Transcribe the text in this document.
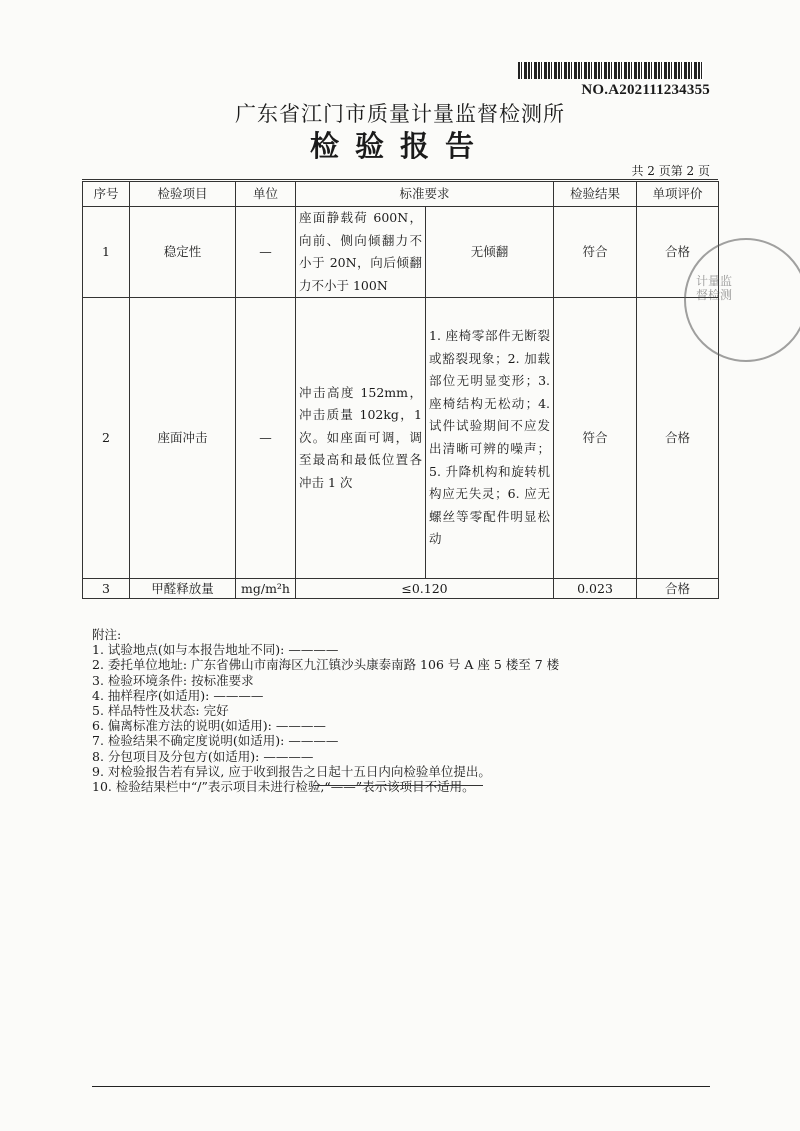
NO.A202111234355
广东省江门市质量计量监督检测所
检验报告
共 2 页第 2 页
序号	检验项目	单位	标准要求		检验结果	单项评价
1	稳定性	—	座面静载荷 600N，向前、侧向倾翻力不小于 20N，向后倾翻力不小于 100N	无倾翻	符合	合格
2	座面冲击	—	冲击高度 152mm，冲击质量 102kg，1次。如座面可调，调至最高和最低位置各冲击 1 次	1. 座椅零部件无断裂或豁裂现象；2. 加载部位无明显变形；3. 座椅结构无松动；4. 试件试验期间不应发出清晰可辨的噪声；5. 升降机构和旋转机构应无失灵；6. 应无螺丝等零配件明显松动	符合	合格
3	甲醛释放量	mg/m²h	≤0.120		0.023	合格
附注:
1. 试验地点(如与本报告地址不同): ————
2. 委托单位地址: 广东省佛山市南海区九江镇沙头康泰南路 106 号 A 座 5 楼至 7 楼
3. 检验环境条件: 按标准要求
4. 抽样程序(如适用): ————
5. 样品特性及状态: 完好
6. 偏离标准方法的说明(如适用): ————
7. 检验结果不确定度说明(如适用): ————
8. 分包项目及分包方(如适用): ————
9. 对检验报告若有异议, 应于收到报告之日起十五日内向检验单位提出。
10. 检验结果栏中“/”表示项目未进行检验,“——”表示该项目不适用。
计量监督检测
